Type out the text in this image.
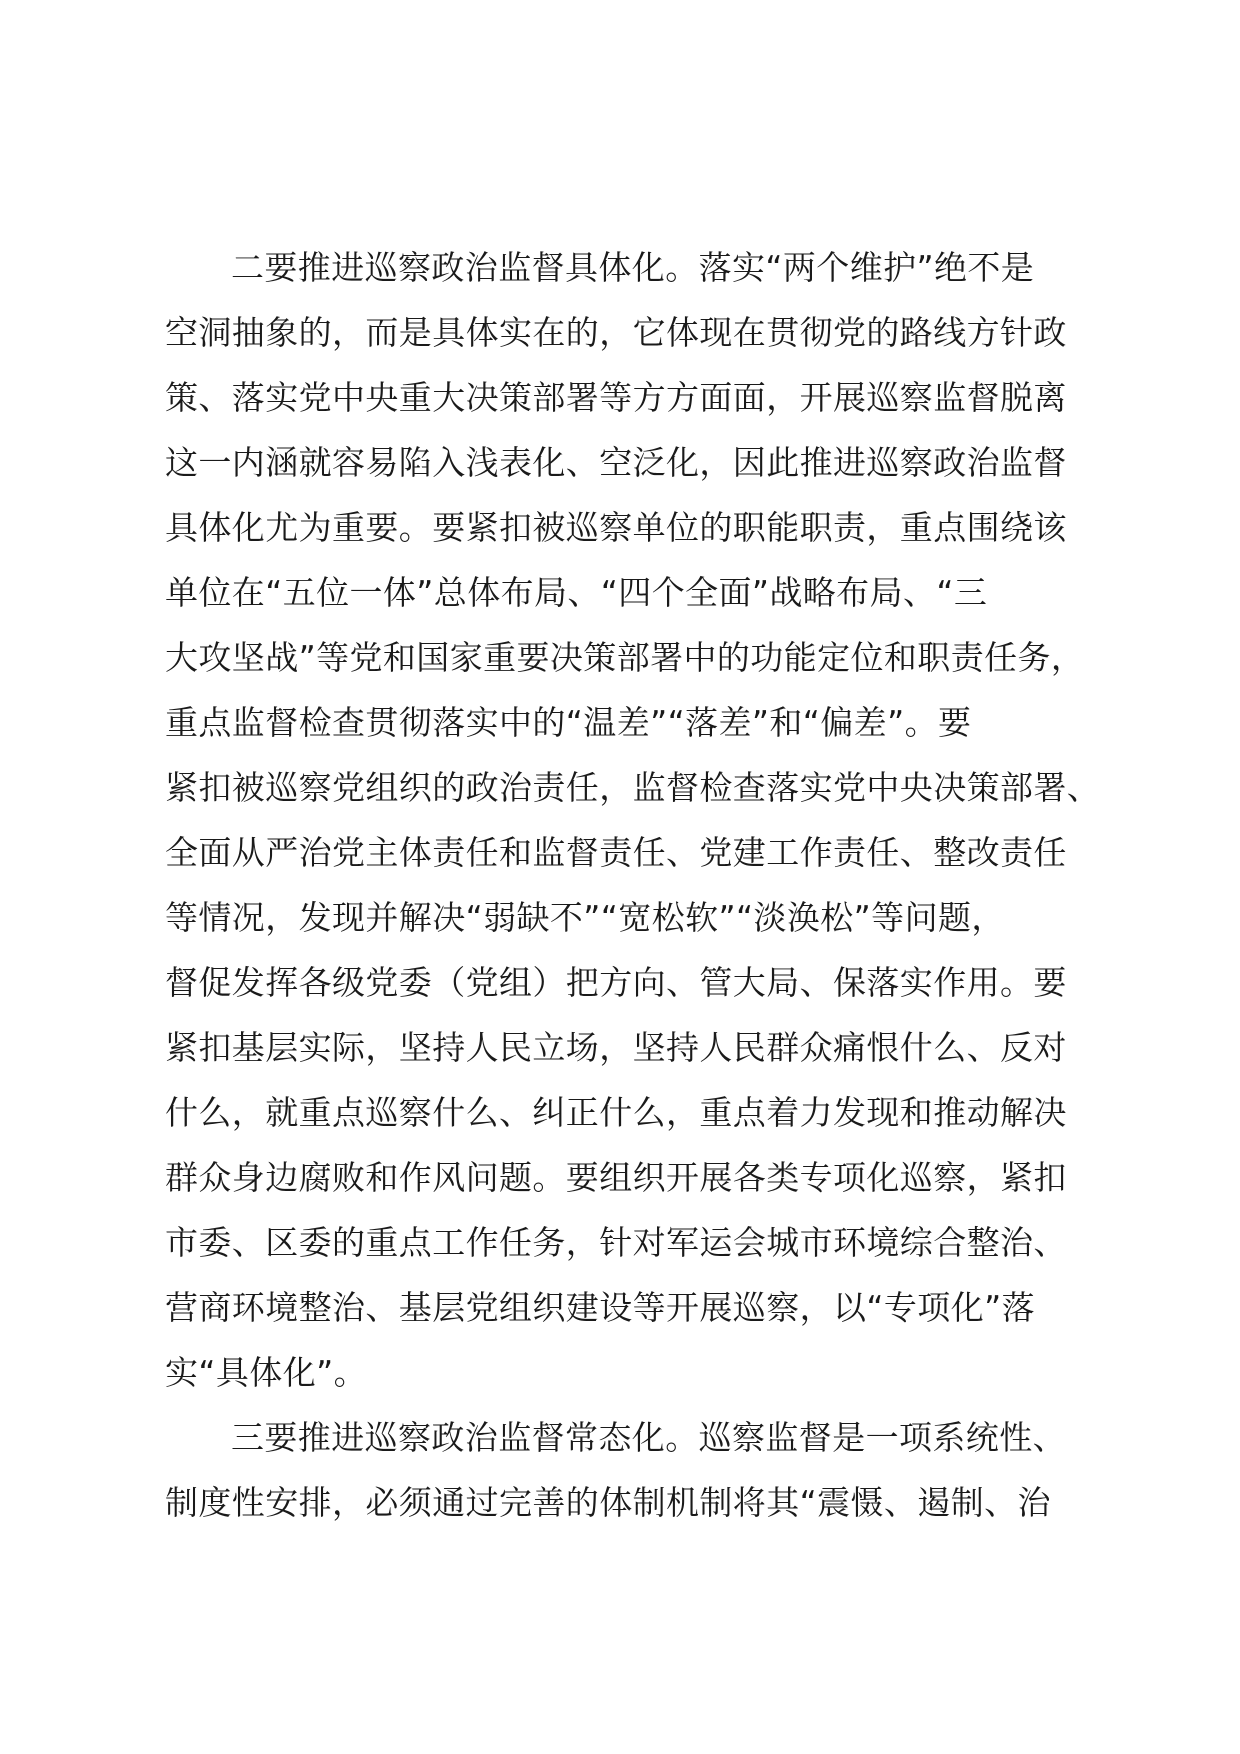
二要推进巡察政治监督具体化。落实“两个维护”绝不是
空洞抽象的，而是具体实在的，它体现在贯彻党的路线方针政
策、落实党中央重大决策部署等方方面面，开展巡察监督脱离
这一内涵就容易陷入浅表化、空泛化，因此推进巡察政治监督
具体化尤为重要。要紧扣被巡察单位的职能职责，重点围绕该
单位在“五位一体”总体布局、“四个全面”战略布局、“三
大攻坚战”等党和国家重要决策部署中的功能定位和职责任务，
重点监督检查贯彻落实中的“温差”“落差”和“偏差”。要
紧扣被巡察党组织的政治责任，监督检查落实党中央决策部署、
全面从严治党主体责任和监督责任、党建工作责任、整改责任
等情况，发现并解决“弱缺不”“宽松软”“淡涣松”等问题，
督促发挥各级党委（党组）把方向、管大局、保落实作用。要
紧扣基层实际，坚持人民立场，坚持人民群众痛恨什么、反对
什么，就重点巡察什么、纠正什么，重点着力发现和推动解决
群众身边腐败和作风问题。要组织开展各类专项化巡察，紧扣
市委、区委的重点工作任务，针对军运会城市环境综合整治、
营商环境整治、基层党组织建设等开展巡察，以“专项化”落
实“具体化”。
三要推进巡察政治监督常态化。巡察监督是一项系统性、
制度性安排，必须通过完善的体制机制将其“震慑、遏制、治
